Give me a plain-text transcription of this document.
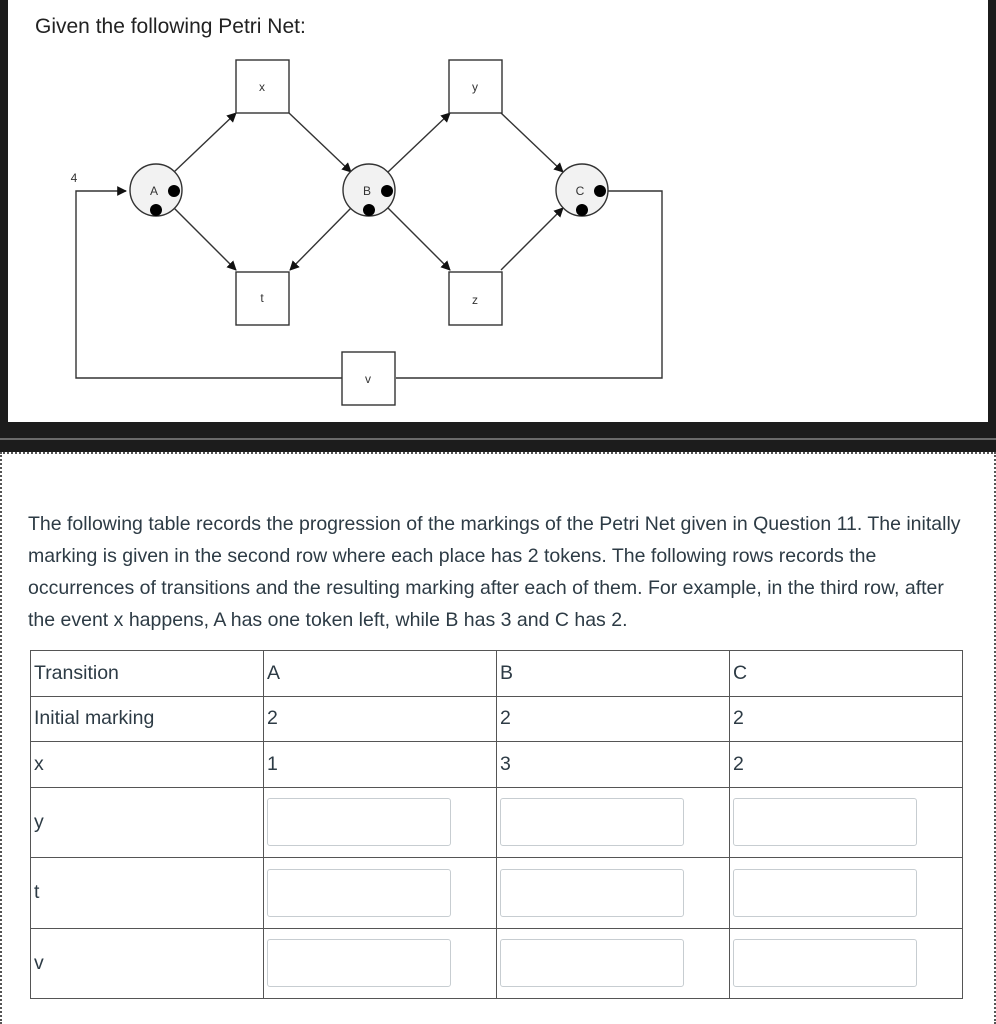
Given the following Petri Net:
A	B	C
x
t
y
z
v
4

The following table records the progression of the markings of the Petri Net given in Question 11. The initally marking is given in the second row where each place has 2 tokens. The following rows records the occurrences of transitions and the resulting marking after each of them. For example, in the third row, after the event x happens, A has one token left, while B has 3 and C has 2.

Transition	A	B	C
Initial marking	2	2	2
x	1	3	2
y	

t	

v	
